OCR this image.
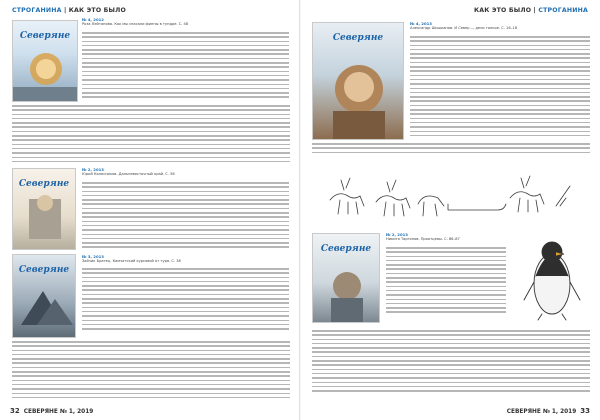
СТРОГАНИНА | КАК ЭТО БЫЛО
Северяне
№ 4, 2012
Роза Лейтанова. Как мы спасали финны в тундре. С. 48
Северяне
№ 2, 2013
Юрий Колесников. Дальневосточный край. С. 56
Северяне
№ 3, 2013
Зайчик Братец. Камчатский курсовой от тура. С. 38
32 СЕВЕРЯНЕ № 1, 2019
КАК ЭТО БЫЛО | СТРОГАНИНА
Северяне
№ 4, 2013
Александр Шишканов. И Север — дело тонкое. С. 16–18
Северяне
№ 2, 2013
Никита Таргонов. Праотцевы. С. 86–87
СЕВЕРЯНЕ № 1, 2019 33
